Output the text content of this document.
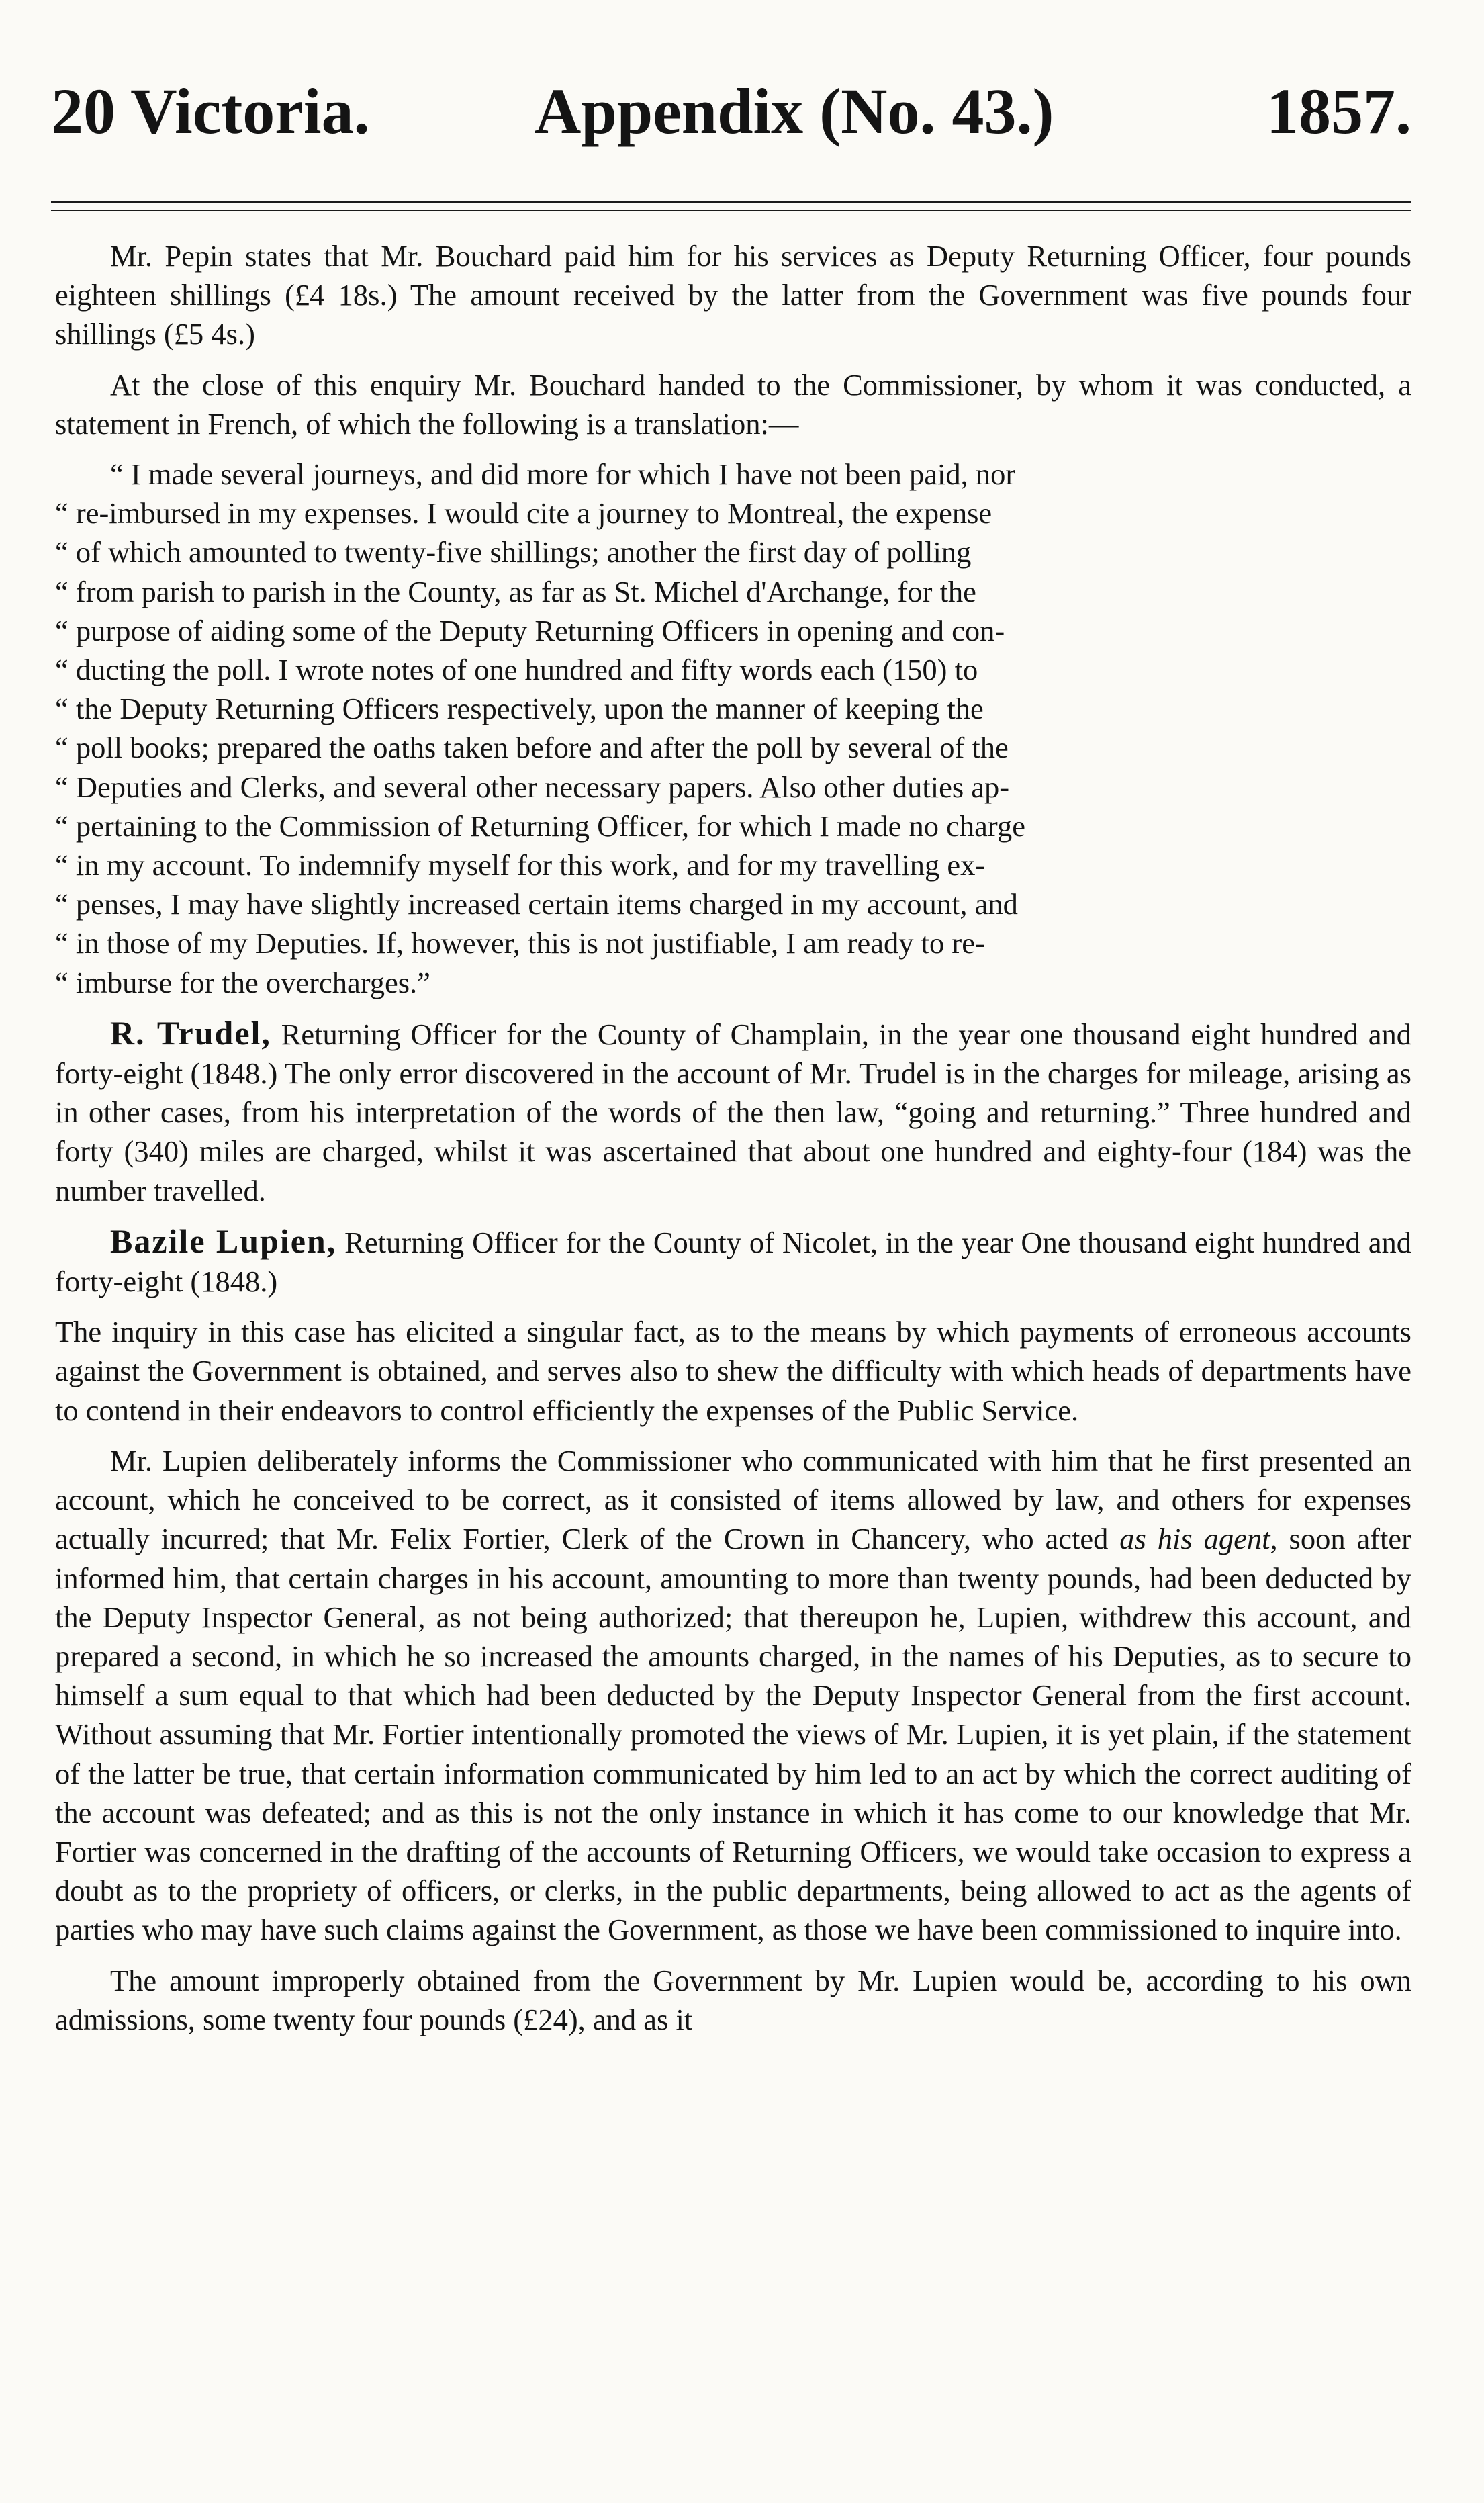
20 Victoria.	Appendix (No. 43.)	1857.

Mr. Pepin states that Mr. Bouchard paid him for his services as Deputy Returning Officer, four pounds eighteen shillings (£4 18s.) The amount received by the latter from the Government was five pounds four shillings (£5 4s.)

At the close of this enquiry Mr. Bouchard handed to the Commissioner, by whom it was conducted, a statement in French, of which the following is a translation:—

“ I made several journeys, and did more for which I have not been paid, nor
“ re-imbursed in my expenses. I would cite a journey to Montreal, the expense
“ of which amounted to twenty-five shillings; another the first day of polling
“ from parish to parish in the County, as far as St. Michel d'Archange, for the
“ purpose of aiding some of the Deputy Returning Officers in opening and con-
“ ducting the poll. I wrote notes of one hundred and fifty words each (150) to
“ the Deputy Returning Officers respectively, upon the manner of keeping the
“ poll books; prepared the oaths taken before and after the poll by several of the
“ Deputies and Clerks, and several other necessary papers. Also other duties ap-
“ pertaining to the Commission of Returning Officer, for which I made no charge
“ in my account. To indemnify myself for this work, and for my travelling ex-
“ penses, I may have slightly increased certain items charged in my account, and
“ in those of my Deputies. If, however, this is not justifiable, I am ready to re-
“ imburse for the overcharges.”

R. Trudel, Returning Officer for the County of Champlain, in the year one thousand eight hundred and forty-eight (1848.) The only error discovered in the account of Mr. Trudel is in the charges for mileage, arising as in other cases, from his interpretation of the words of the then law, “going and returning.” Three hundred and forty (340) miles are charged, whilst it was ascertained that about one hundred and eighty-four (184) was the number travelled.

Bazile Lupien, Returning Officer for the County of Nicolet, in the year One thousand eight hundred and forty-eight (1848.)

The inquiry in this case has elicited a singular fact, as to the means by which payments of erroneous accounts against the Government is obtained, and serves also to shew the difficulty with which heads of departments have to contend in their endeavors to control efficiently the expenses of the Public Service.

Mr. Lupien deliberately informs the Commissioner who communicated with him that he first presented an account, which he conceived to be correct, as it consisted of items allowed by law, and others for expenses actually incurred; that Mr. Felix Fortier, Clerk of the Crown in Chancery, who acted as his agent, soon after informed him, that certain charges in his account, amounting to more than twenty pounds, had been deducted by the Deputy Inspector General, as not being authorized; that thereupon he, Lupien, withdrew this account, and prepared a second, in which he so increased the amounts charged, in the names of his Deputies, as to secure to himself a sum equal to that which had been deducted by the Deputy Inspector General from the first account. Without assuming that Mr. Fortier intentionally promoted the views of Mr. Lupien, it is yet plain, if the statement of the latter be true, that certain information communicated by him led to an act by which the correct auditing of the account was defeated; and as this is not the only instance in which it has come to our knowledge that Mr. Fortier was concerned in the drafting of the accounts of Returning Officers, we would take occasion to express a doubt as to the propriety of officers, or clerks, in the public departments, being allowed to act as the agents of parties who may have such claims against the Government, as those we have been commissioned to inquire into.

The amount improperly obtained from the Government by Mr. Lupien would be, according to his own admissions, some twenty four pounds (£24), and as it
